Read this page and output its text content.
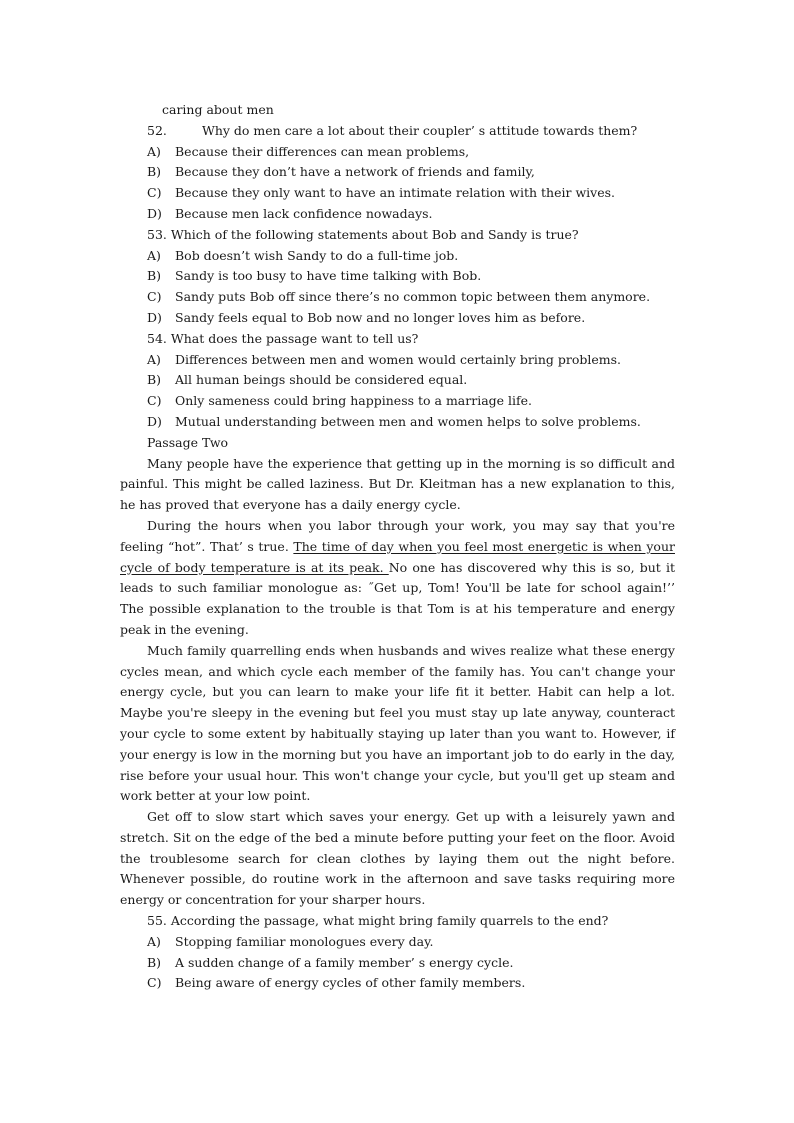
caring about men
52.	Why do men care a lot about their coupler’ s attitude towards them?
A) Because their differences can mean problems,
B) Because they don’t have a network of friends and family,
C) Because they only want to have an intimate relation with their wives.
D) Because men lack confidence nowadays.
53. Which of the following statements about Bob and Sandy is true?
A) Bob doesn’t wish Sandy to do a full-time job.
B) Sandy is too busy to have time talking with Bob.
C) Sandy puts Bob off since there’s no common topic between them anymore.
D) Sandy feels equal to Bob now and no longer loves him as before.
54. What does the passage want to tell us?
A) Differences between men and women would certainly bring problems.
B) All human beings should be considered equal.
C) Only sameness could bring happiness to a marriage life.
D) Mutual understanding between men and women helps to solve problems.
Passage Two

Many people have the experience that getting up in the morning is so difficult and painful. This might be called laziness. But Dr. Kleitman has a new explanation to this, he has proved that everyone has a daily energy cycle.

During the hours when you labor through your work, you may say that you're feeling “hot”. That’ s true. The time of day when you feel most energetic is when your cycle of body temperature is at its peak. No one has discovered why this is so, but it leads to such familiar monologue as: ˝Get up, Tom! You'll be late for school again!’’ The possible explanation to the trouble is that Tom is at his temperature and energy peak in the evening.

Much family quarrelling ends when husbands and wives realize what these energy cycles mean, and which cycle each member of the family has. You can't change your energy cycle, but you can learn to make your life fit it better. Habit can help a lot. Maybe you're sleepy in the evening but feel you must stay up late anyway, counteract your cycle to some extent by habitually staying up later than you want to. However, if your energy is low in the morning but you have an important job to do early in the day, rise before your usual hour. This won't change your cycle, but you'll get up steam and work better at your low point.

Get off to slow start which saves your energy. Get up with a leisurely yawn and stretch. Sit on the edge of the bed a minute before putting your feet on the floor. Avoid the troublesome search for clean clothes by laying them out the night before. Whenever possible, do routine work in the afternoon and save tasks requiring more energy or concentration for your sharper hours.

55. According the passage, what might bring family quarrels to the end?
A) Stopping familiar monologues every day.
B) A sudden change of a family member’ s energy cycle.
C) Being aware of energy cycles of other family members.
